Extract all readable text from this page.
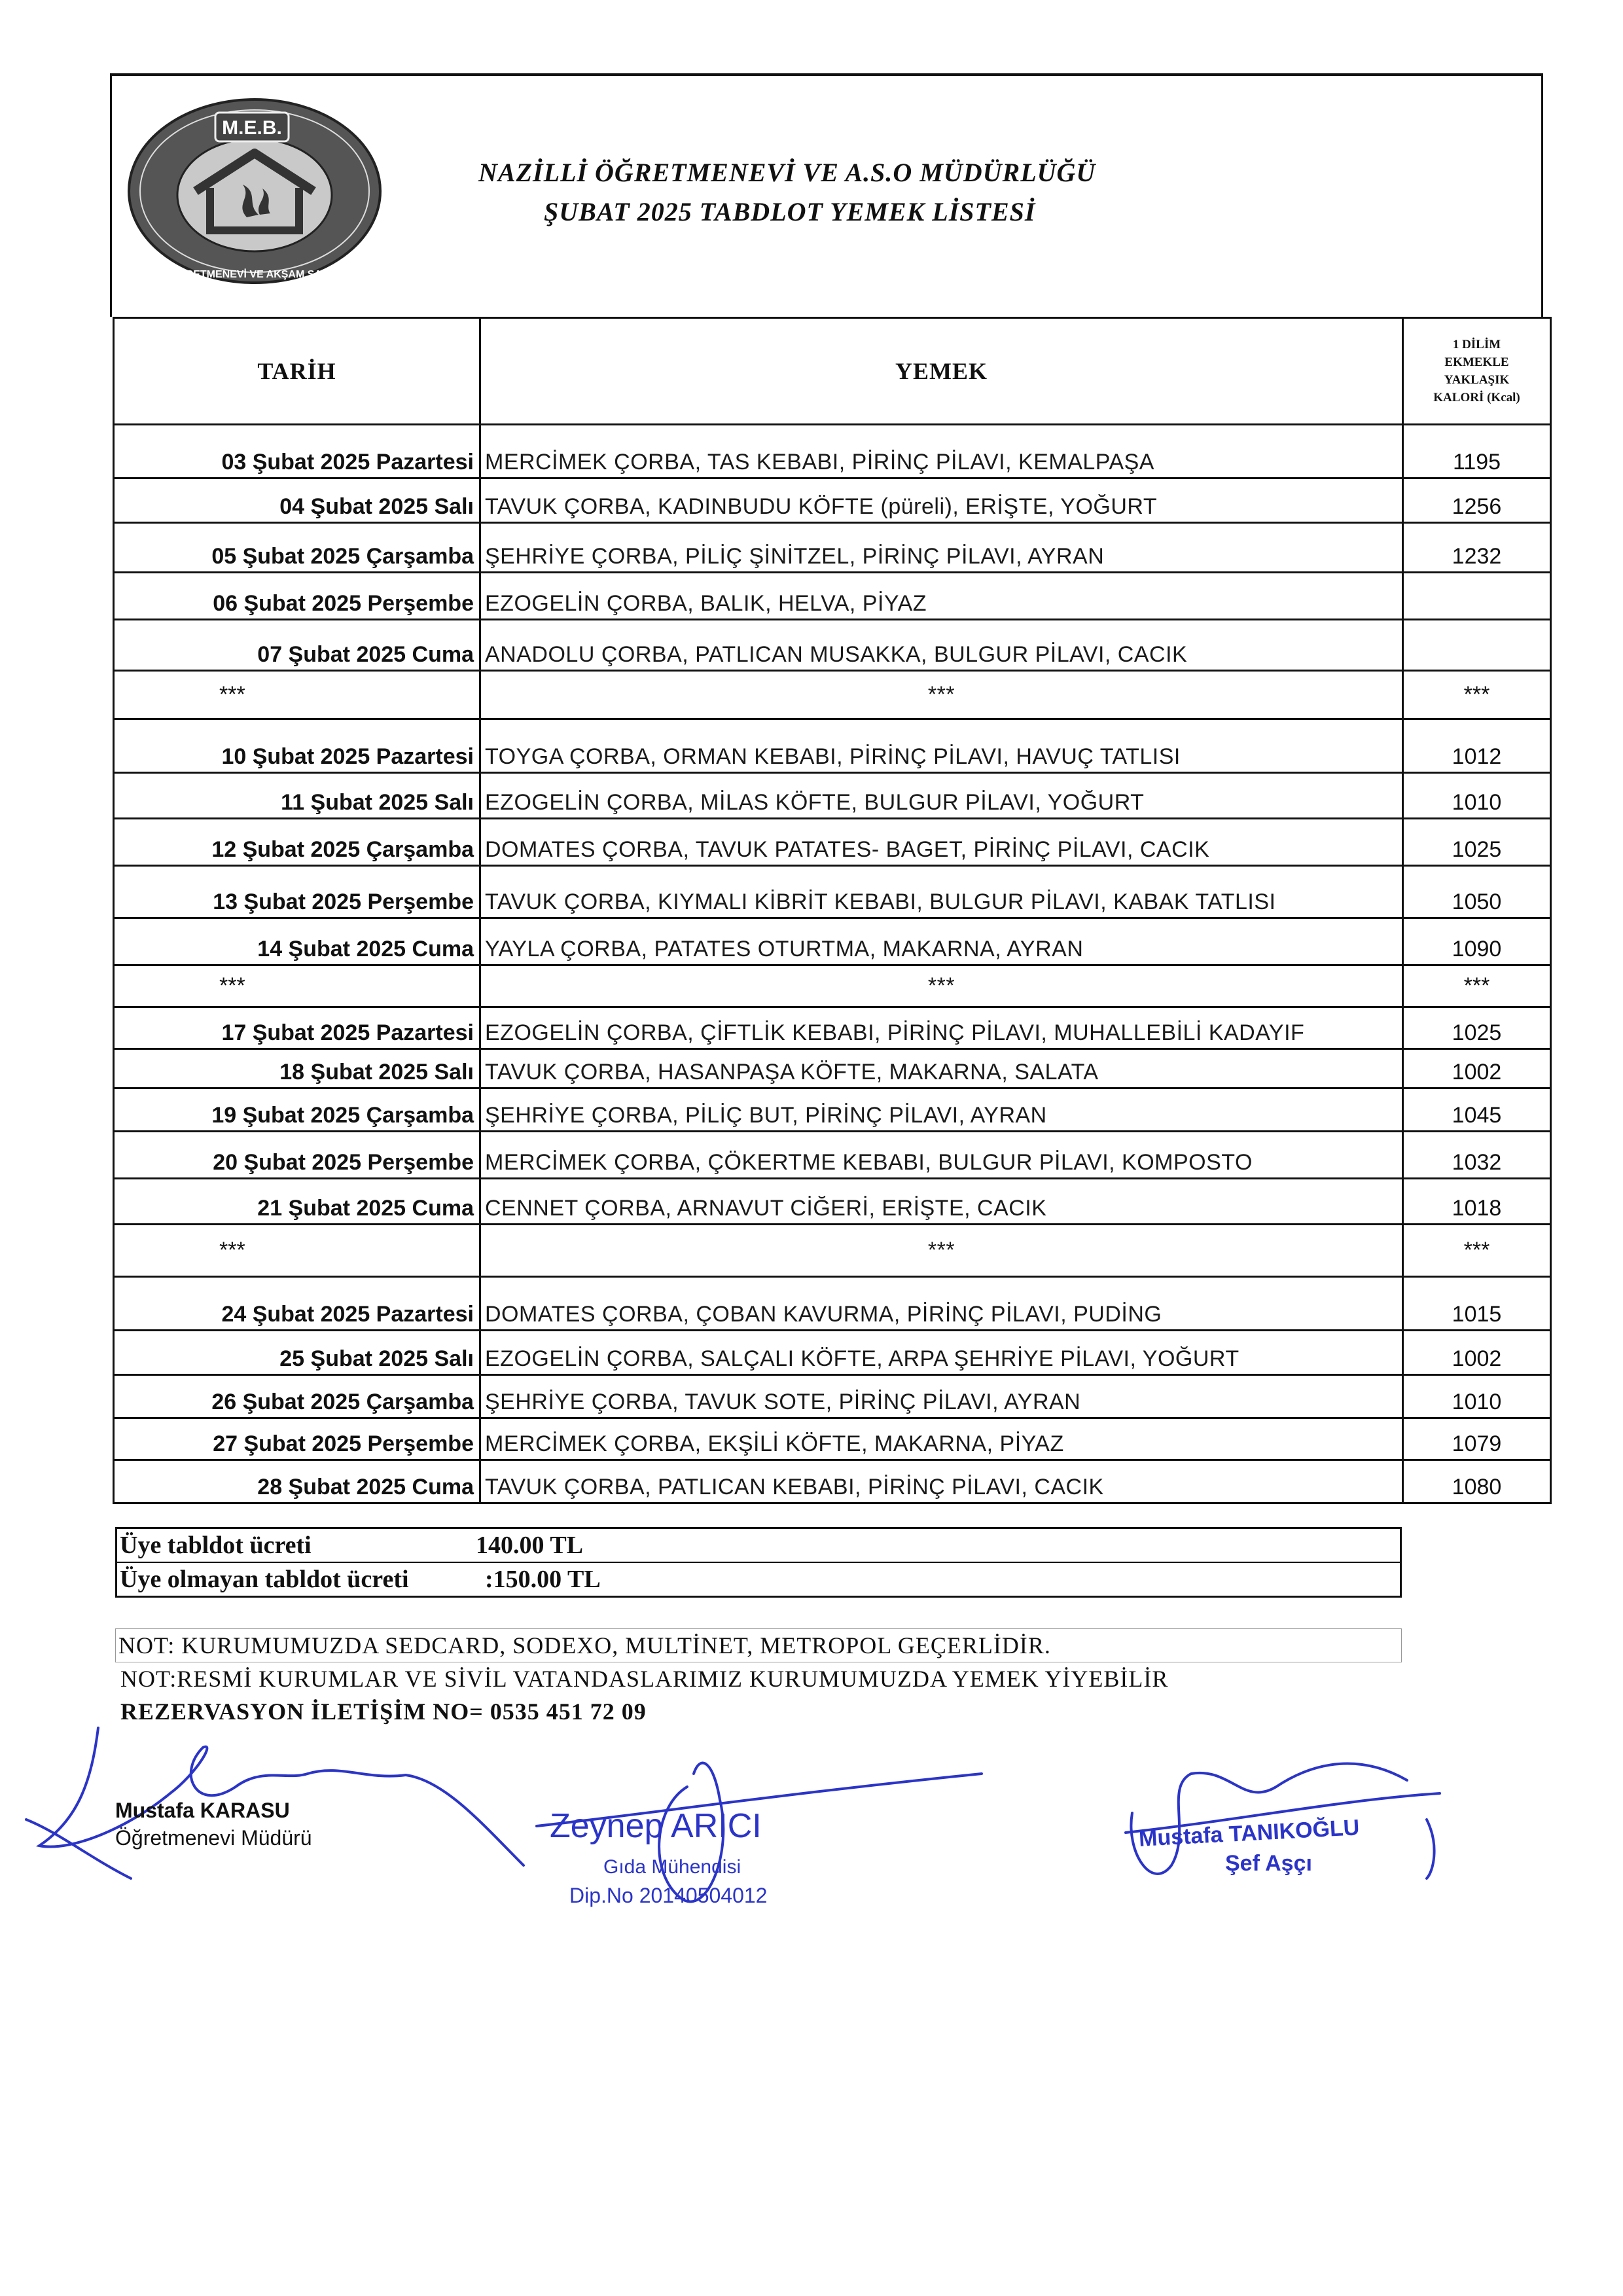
M.E.B.
NAZİLLİ ÖĞRETMENEVİ VE AKŞAM SANAT OKULU
NAZİLLİ ÖĞRETMENEVİ VE A.S.O MÜDÜRLÜĞÜ
ŞUBAT 2025 TABDLOT YEMEK LİSTESİ
TARİH	YEMEK	1 DİLİM
EKMEKLE
YAKLAŞIK
KALORİ (Kcal)

03 Şubat 2025 Pazartesi	MERCİMEK ÇORBA, TAS KEBABI, PİRİNÇ PİLAVI, KEMALPAŞA	1195
04 Şubat 2025 Salı	TAVUK ÇORBA, KADINBUDU KÖFTE (püreli), ERİŞTE, YOĞURT	1256
05 Şubat 2025 Çarşamba	ŞEHRİYE ÇORBA, PİLİÇ ŞİNİTZEL, PİRİNÇ PİLAVI, AYRAN	1232
06 Şubat 2025 Perşembe	EZOGELİN ÇORBA, BALIK, HELVA, PİYAZ	
07 Şubat 2025 Cuma	ANADOLU ÇORBA, PATLICAN MUSAKKA, BULGUR PİLAVI, CACIK	
***	***	***
10 Şubat 2025 Pazartesi	TOYGA ÇORBA, ORMAN KEBABI, PİRİNÇ PİLAVI, HAVUÇ TATLISI	1012
11 Şubat 2025 Salı	EZOGELİN ÇORBA, MİLAS KÖFTE, BULGUR PİLAVI, YOĞURT	1010
12 Şubat 2025 Çarşamba	DOMATES ÇORBA, TAVUK PATATES- BAGET, PİRİNÇ PİLAVI, CACIK	1025
13 Şubat 2025 Perşembe	TAVUK ÇORBA, KIYMALI KİBRİT KEBABI, BULGUR PİLAVI, KABAK TATLISI	1050
14 Şubat 2025 Cuma	YAYLA ÇORBA, PATATES OTURTMA, MAKARNA, AYRAN	1090
***	***	***
17 Şubat 2025 Pazartesi	EZOGELİN ÇORBA, ÇİFTLİK KEBABI, PİRİNÇ PİLAVI, MUHALLEBİLİ KADAYIF	1025
18 Şubat 2025 Salı	TAVUK ÇORBA, HASANPAŞA KÖFTE, MAKARNA, SALATA	1002
19 Şubat 2025 Çarşamba	ŞEHRİYE ÇORBA, PİLİÇ BUT, PİRİNÇ PİLAVI, AYRAN	1045
20 Şubat 2025 Perşembe	MERCİMEK ÇORBA, ÇÖKERTME KEBABI, BULGUR PİLAVI, KOMPOSTO	1032
21 Şubat 2025 Cuma	CENNET ÇORBA, ARNAVUT CİĞERİ, ERİŞTE, CACIK	1018
***	***	***
24 Şubat 2025 Pazartesi	DOMATES ÇORBA, ÇOBAN KAVURMA, PİRİNÇ PİLAVI, PUDİNG	1015
25 Şubat 2025 Salı	EZOGELİN ÇORBA, SALÇALI KÖFTE, ARPA ŞEHRİYE PİLAVI, YOĞURT	1002
26 Şubat 2025 Çarşamba	ŞEHRİYE ÇORBA, TAVUK SOTE, PİRİNÇ PİLAVI, AYRAN	1010
27 Şubat 2025 Perşembe	MERCİMEK ÇORBA, EKŞİLİ KÖFTE, MAKARNA, PİYAZ	1079
28 Şubat 2025 Cuma	TAVUK ÇORBA, PATLICAN KEBABI, PİRİNÇ PİLAVI, CACIK	1080
Üye tabldot ücreti	140.00 TL
Üye olmayan tabldot ücreti	:150.00 TL
NOT: KURUMUMUZDA SEDCARD, SODEXO, MULTİNET, METROPOL GEÇERLİDİR.
NOT:RESMİ KURUMLAR VE SİVİL VATANDASLARIMIZ KURUMUMUZDA YEMEK YİYEBİLİR
REZERVASYON İLETİŞİM NO= 0535 451 72 09
Mustafa KARASU
Öğretmenevi Müdürü	Zeynep ARICI
Gıda Mühendisi
Dip.No 20140504012
Mustafa TANIKOĞLU
Şef Aşçı
